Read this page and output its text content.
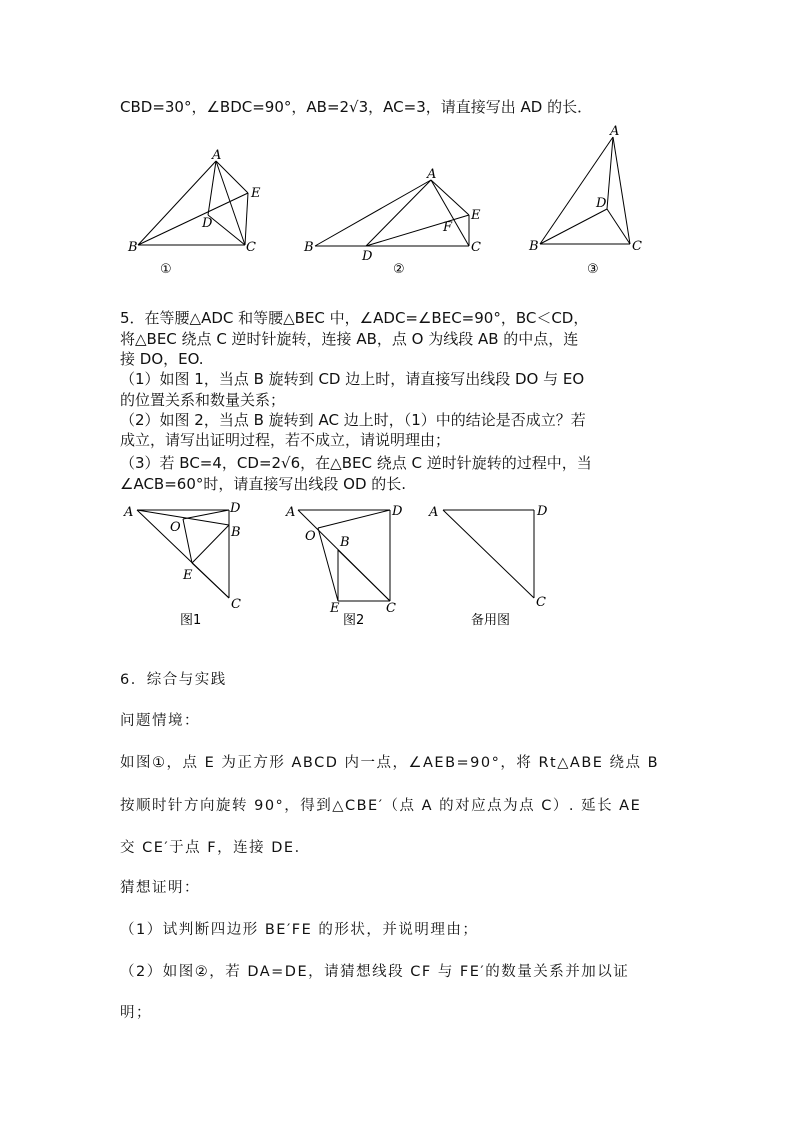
CBD=30°，∠BDC=90°，AB=2√3，AC=3，请直接写出 AD 的长．
A
B	C
D
E
①
A
B	C
D
E
F
②
A
B	C
D
③
5．在等腰△ADC 和等腰△BEC 中，∠ADC=∠BEC=90°，BC＜CD，
将△BEC 绕点 C 逆时针旋转，连接 AB，点 O 为线段 AB 的中点，连
接 DO，EO.
（1）如图 1，当点 B 旋转到 CD 边上时，请直接写出线段 DO 与 EO
的位置关系和数量关系；
（2）如图 2，当点 B 旋转到 AC 边上时，（1）中的结论是否成立？若
成立，请写出证明过程，若不成立，请说明理由；
（3）若 BC=4，CD=2√6，在△BEC 绕点 C 逆时针旋转的过程中，当
∠ACB=60°时，请直接写出线段 OD 的长.
A	D
B
C
O
E
图1
A	D
B
C
E
O
图2
A	D
C
备用图
6．综合与实践
问题情境：
如图①，点 E 为正方形 ABCD 内一点，∠AEB=90°，将 Rt△ABE 绕点 B
按顺时针方向旋转 90°，得到△CBE′（点 A 的对应点为点 C）. 延长 AE
交 CE′于点 F，连接 DE．
猜想证明：
（1）试判断四边形 BE′FE 的形状，并说明理由；
（2）如图②，若 DA=DE，请猜想线段 CF 与 FE′的数量关系并加以证
明；
